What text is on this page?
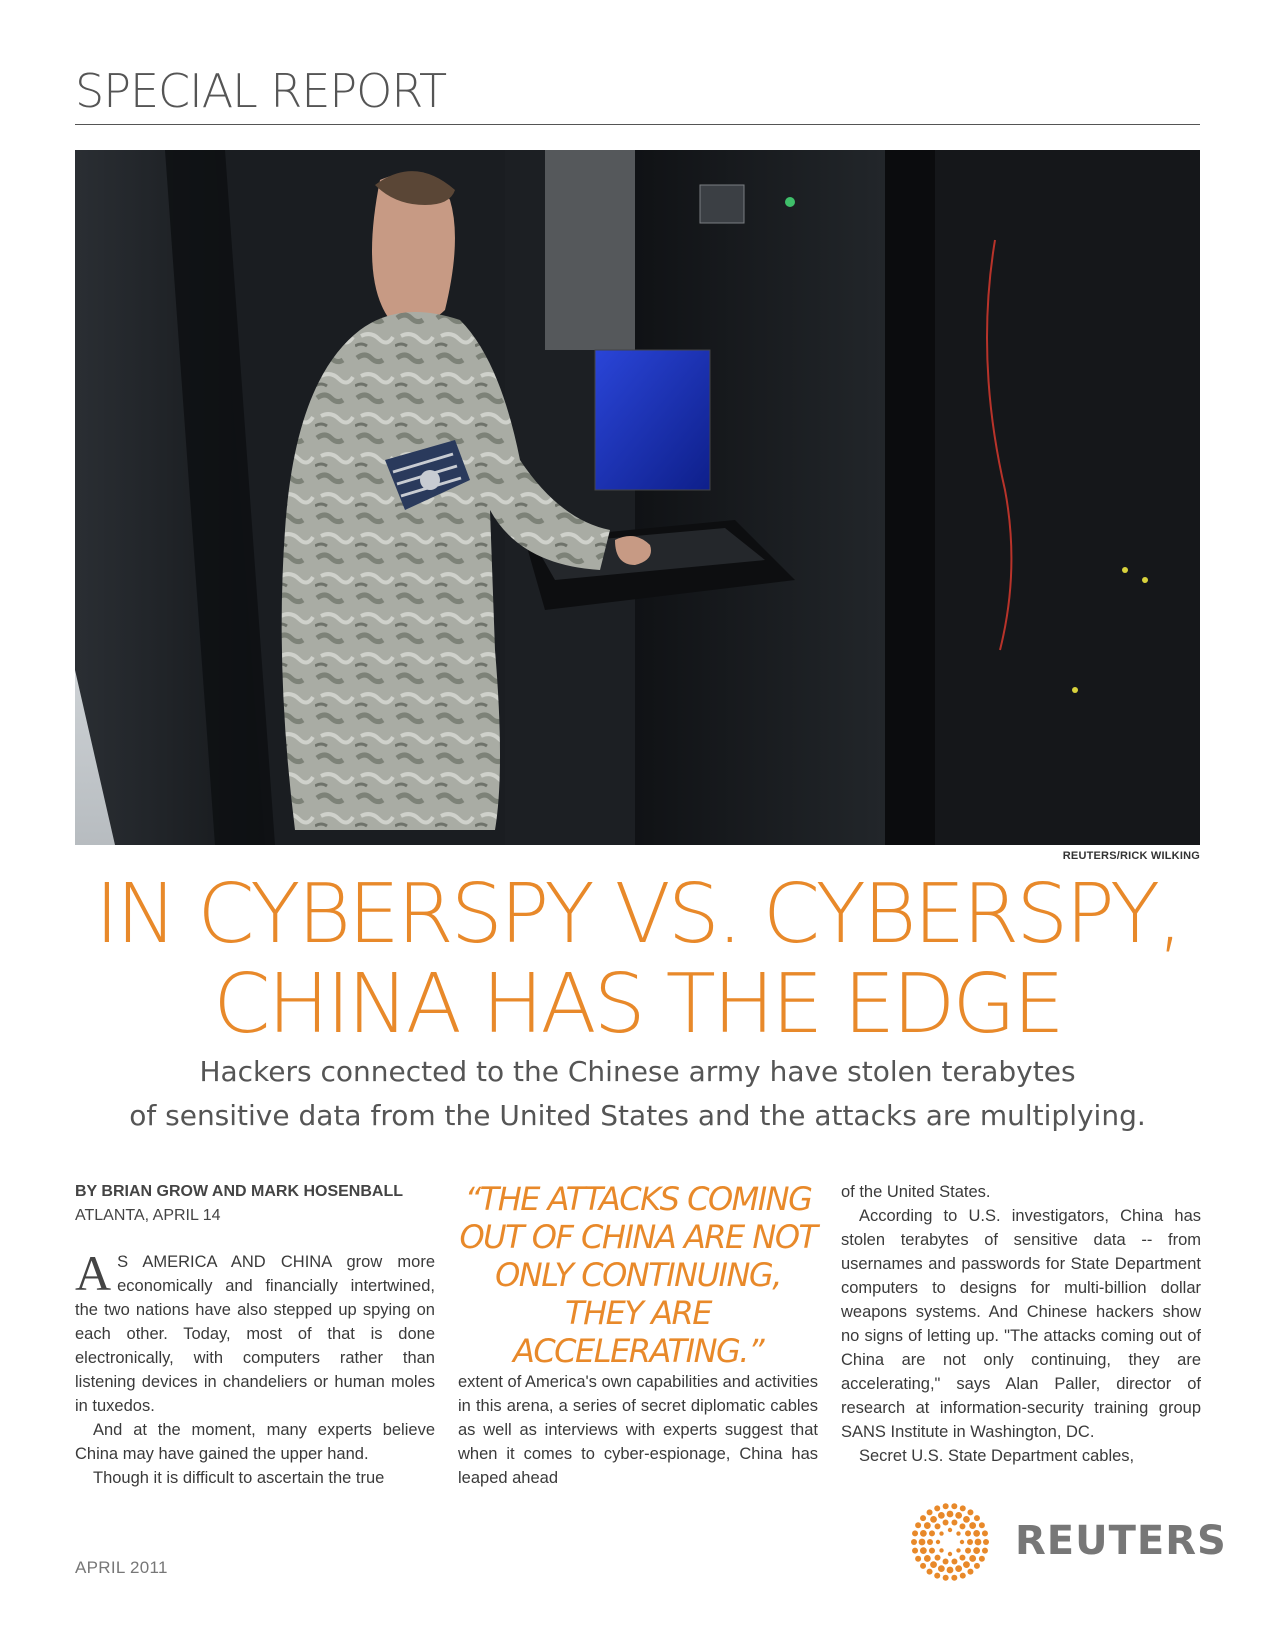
SPECIAL REPORT
REUTERS/RICK WILKING
IN CYBERSPY VS. CYBERSPY,
CHINA HAS THE EDGE
Hackers connected to the Chinese army have stolen terabytes
of sensitive data from the United States and the attacks are multiplying.

BY BRIAN GROW AND MARK HOSENBALL

ATLANTA, APRIL 14

A S AMERICA AND CHINA grow more economically and financially intertwined, the two nations have also stepped up spying on each other. Today, most of that is done electronically, with computers rather than listening devices in chandeliers or human moles in tuxedos.

And at the moment, many experts believe China may have gained the upper hand.

Though it is difficult to ascertain the true

“THE ATTACKS COMING OUT OF CHINA ARE NOT ONLY CONTINUING, THEY ARE ACCELERATING.”

extent of America's own capabilities and activities in this arena, a series of secret diplomatic cables as well as interviews with experts suggest that when it comes to cyber-espionage, China has leaped ahead

of the United States.

According to U.S. investigators, China has stolen terabytes of sensitive data -- from usernames and passwords for State Department computers to designs for multi-billion dollar weapons systems. And Chinese hackers show no signs of letting up. "The attacks coming out of China are not only continuing, they are accelerating," says Alan Paller, director of research at information-security training group SANS Institute in Washington, DC.

Secret U.S. State Department cables,

APRIL 2011
REUTERS
